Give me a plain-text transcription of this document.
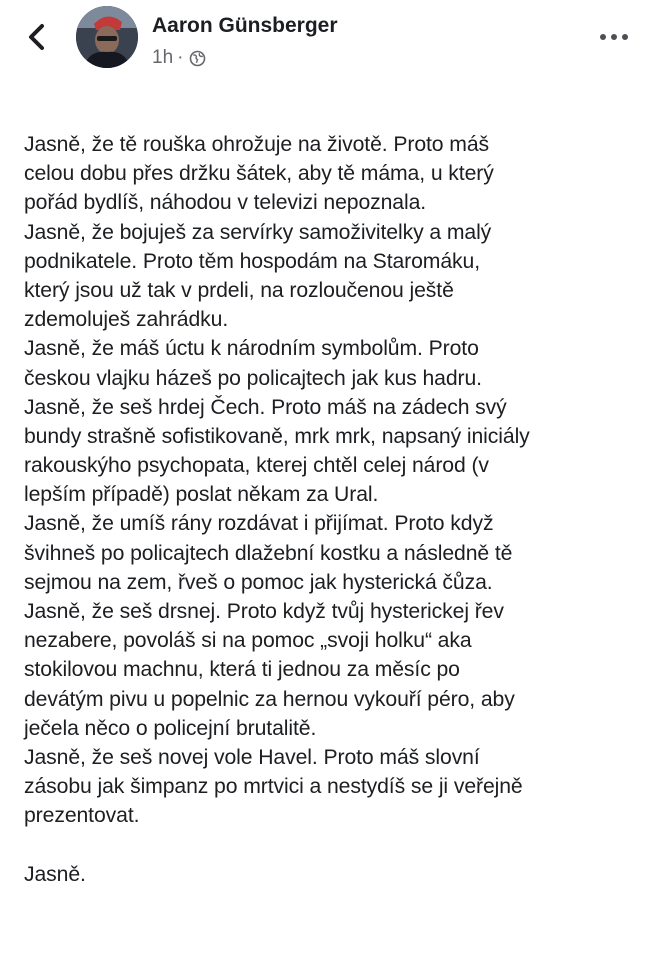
Aaron Günsberger
1h ·
Jasně, že tě rouška ohrožuje na životě. Proto máš
celou dobu přes držku šátek, aby tě máma, u který
pořád bydlíš, náhodou v televizi nepoznala.
Jasně, že bojuješ za servírky samoživitelky a malý
podnikatele. Proto těm hospodám na Staromáku,
který jsou už tak v prdeli, na rozloučenou ještě
zdemoluješ zahrádku.
Jasně, že máš úctu k národním symbolům. Proto
českou vlajku házeš po policajtech jak kus hadru.
Jasně, že seš hrdej Čech. Proto máš na zádech svý
bundy strašně sofistikovaně, mrk mrk, napsaný iniciály
rakouskýho psychopata, kterej chtěl celej národ (v
lepším případě) poslat někam za Ural.
Jasně, že umíš rány rozdávat i přijímat. Proto když
švihneš po policajtech dlažební kostku a následně tě
sejmou na zem, řveš o pomoc jak hysterická čůza.
Jasně, že seš drsnej. Proto když tvůj hysterickej řev
nezabere, povoláš si na pomoc „svoji holku“ aka
stokilovou machnu, která ti jednou za měsíc po
devátým pivu u popelnic za hernou vykouří péro, aby
ječela něco o policejní brutalitě.
Jasně, že seš novej vole Havel. Proto máš slovní
zásobu jak šimpanz po mrtvici a nestydíš se ji veřejně
prezentovat.
Jasně.
